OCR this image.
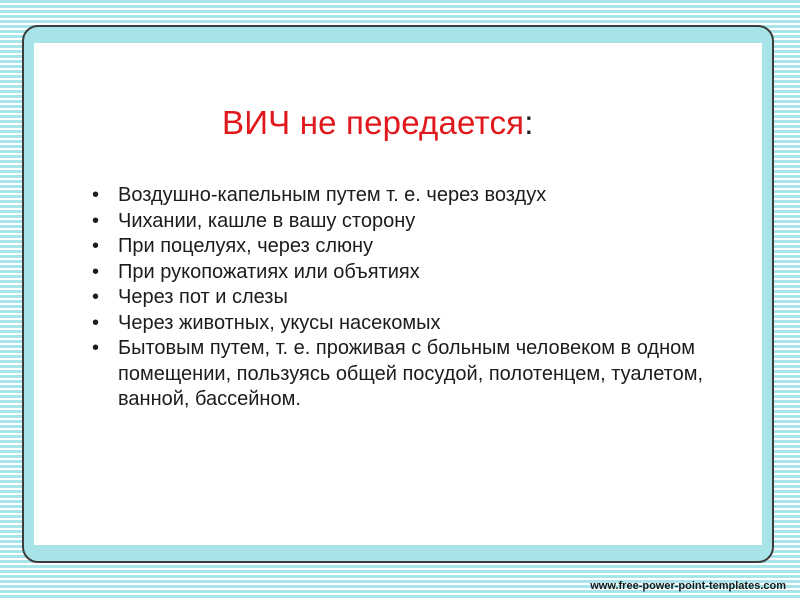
ВИЧ не передается:
• Воздушно-капельным путем т. е. через воздух
• Чихании, кашле в вашу сторону
• При поцелуях, через слюну
• При рукопожатиях или объятиях
• Через пот и слезы
• Через животных, укусы насекомых
• Бытовым путем, т. е. проживая с больным человеком в одном помещении, пользуясь общей посудой, полотенцем, туалетом, ванной, бассейном.
www.free-power-point-templates.com
